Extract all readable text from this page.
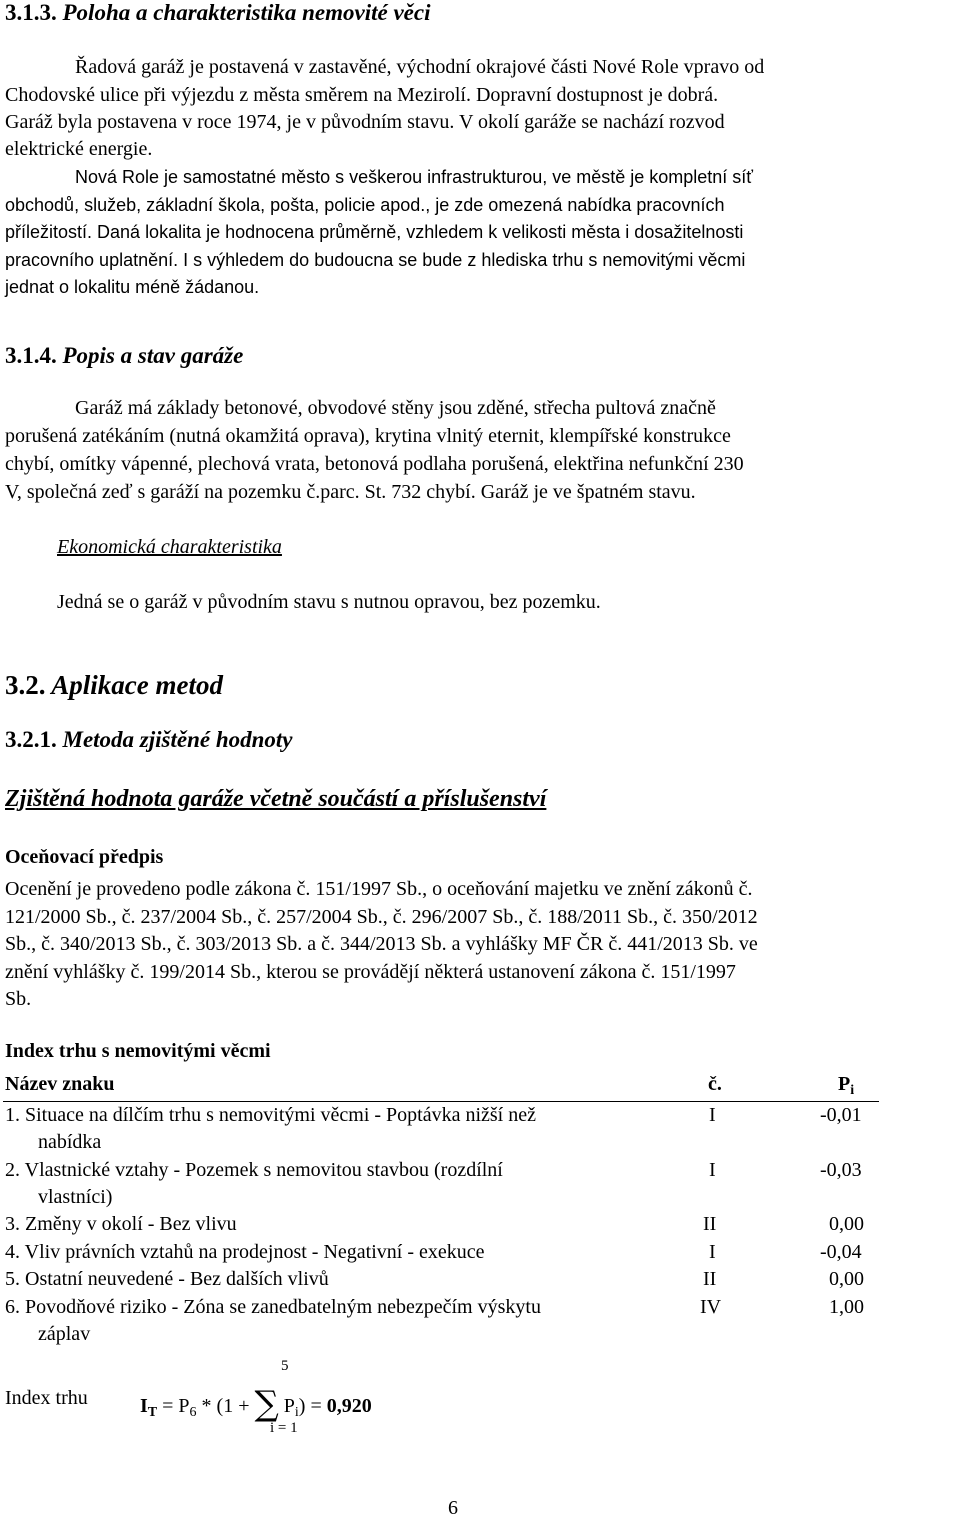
3.1.3. Poloha a charakteristika nemovité věci
Řadová garáž je postavená v zastavěné, východní okrajové části Nové Role vpravo od
Chodovské ulice při výjezdu z města směrem na Mezirolí. Dopravní dostupnost je dobrá.
Garáž byla postavena v roce 1974, je v původním stavu. V okolí garáže se nachází rozvod
elektrické energie.
Nová Role je samostatné město s veškerou infrastrukturou, ve městě je kompletní síť
obchodů, služeb, základní škola, pošta, policie apod., je zde omezená nabídka pracovních
příležitostí. Daná lokalita je hodnocena průměrně, vzhledem k velikosti města i dosažitelnosti
pracovního uplatnění. I s výhledem do budoucna se bude z hlediska trhu s nemovitými věcmi
jednat o lokalitu méně žádanou.
3.1.4. Popis a stav garáže
Garáž má základy betonové, obvodové stěny jsou zděné, střecha pultová značně
porušená zatékáním (nutná okamžitá oprava), krytina vlnitý eternit, klempířské konstrukce
chybí, omítky vápenné, plechová vrata, betonová podlaha porušená, elektřina nefunkční 230
V, společná zeď s garáží na pozemku č.parc. St. 732 chybí. Garáž je ve špatném stavu.
Ekonomická charakteristika
Jedná se o garáž v původním stavu s nutnou opravou, bez pozemku.
3.2. Aplikace metod
3.2.1. Metoda zjištěné hodnoty
Zjištěná hodnota garáže včetně součástí a příslušenství
Oceňovací předpis
Ocenění je provedeno podle zákona č. 151/1997 Sb., o oceňování majetku ve znění zákonů č.
121/2000 Sb., č. 237/2004 Sb., č. 257/2004 Sb., č. 296/2007 Sb., č. 188/2011 Sb., č. 350/2012
Sb., č. 340/2013 Sb., č. 303/2013 Sb. a č. 344/2013 Sb. a vyhlášky MF ČR č. 441/2013 Sb. ve
znění vyhlášky č. 199/2014 Sb., kterou se provádějí některá ustanovení zákona č. 151/1997
Sb.
Index trhu s nemovitými věcmi
Název znaku	č.	$P_i$
1. Situace na dílčím trhu s nemovitými věcmi - Poptávka nižší než
nabídka
I	-0,01
2. Vlastnické vztahy - Pozemek s nemovitou stavbou (rozdílní
vlastníci)
I	-0,03
3. Změny v okolí - Bez vlivu	II	0,00
4. Vliv právních vztahů na prodejnost - Negativní - exekuce	I	-0,04
5. Ostatní neuvedené - Bez dalších vlivů	II	0,00
6. Povodňové riziko - Zóna se zanedbatelným nebezpečím výskytu
záplav
IV	1,00
5
Index trhu	$I_T = P_6 * (1$ + ∑ $P_i) = 0,920$
i = 1
6
